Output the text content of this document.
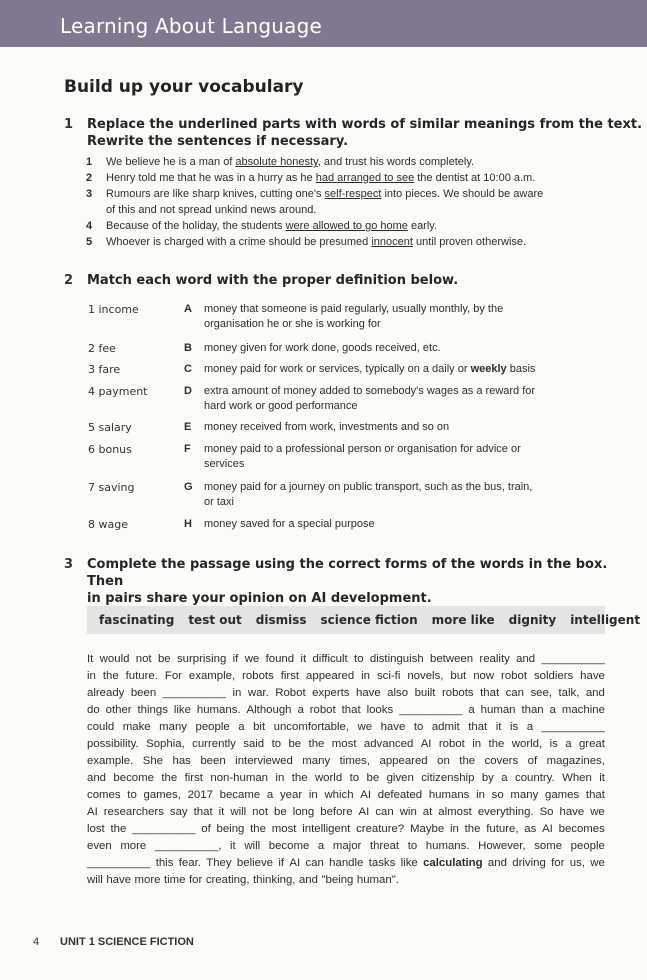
Learning About Language
Build up your vocabulary
1 Replace the underlined parts with words of similar meanings from the text.
Rewrite the sentences if necessary.
1	We believe he is a man of absolute honesty, and trust his words completely.
2	Henry told me that he was in a hurry as he had arranged to see the dentist at 10:00 a.m.
3	Rumours are like sharp knives, cutting one's self-respect into pieces. We should be aware
of this and not spread unkind news around.
4	Because of the holiday, the students were allowed to go home early.
5	Whoever is charged with a crime should be presumed innocent until proven otherwise.
2 Match each word with the proper definition below.
1 income	A money that someone is paid regularly, usually monthly, by the
organisation he or she is working for
2 fee	B money given for work done, goods received, etc.
3 fare	C money paid for work or services, typically on a daily or weekly basis
4 payment	D extra amount of money added to somebody's wages as a reward for
hard work or good performance
5 salary	E money received from work, investments and so on
6 bonus	F money paid to a professional person or organisation for advice or
services
7 saving	G money paid for a journey on public transport, such as the bus, train,
or taxi
8 wage	H money saved for a special purpose
3 Complete the passage using the correct forms of the words in the box. Then
in pairs share your opinion on AI development.
fascinating test out dismiss science fiction more like dignity intelligent
It would not be surprising if we found it difficult to distinguish between reality and __________
in the future. For example, robots first appeared in sci-fi novels, but now robot soldiers have
already been __________ in war. Robot experts have also built robots that can see, talk, and
do other things like humans. Although a robot that looks __________ a human than a machine
could make many people a bit uncomfortable, we have to admit that it is a __________
possibility. Sophia, currently said to be the most advanced AI robot in the world, is a great
example. She has been interviewed many times, appeared on the covers of magazines,
and become the first non-human in the world to be given citizenship by a country. When it
comes to games, 2017 became a year in which AI defeated humans in so many games that
AI researchers say that it will not be long before AI can win at almost everything. So have we
lost the __________ of being the most intelligent creature? Maybe in the future, as AI becomes
even more __________, it will become a major threat to humans. However, some people
__________ this fear. They believe if AI can handle tasks like calculating and driving for us, we
will have more time for creating, thinking, and "being human".
4 UNIT 1 SCIENCE FICTION
